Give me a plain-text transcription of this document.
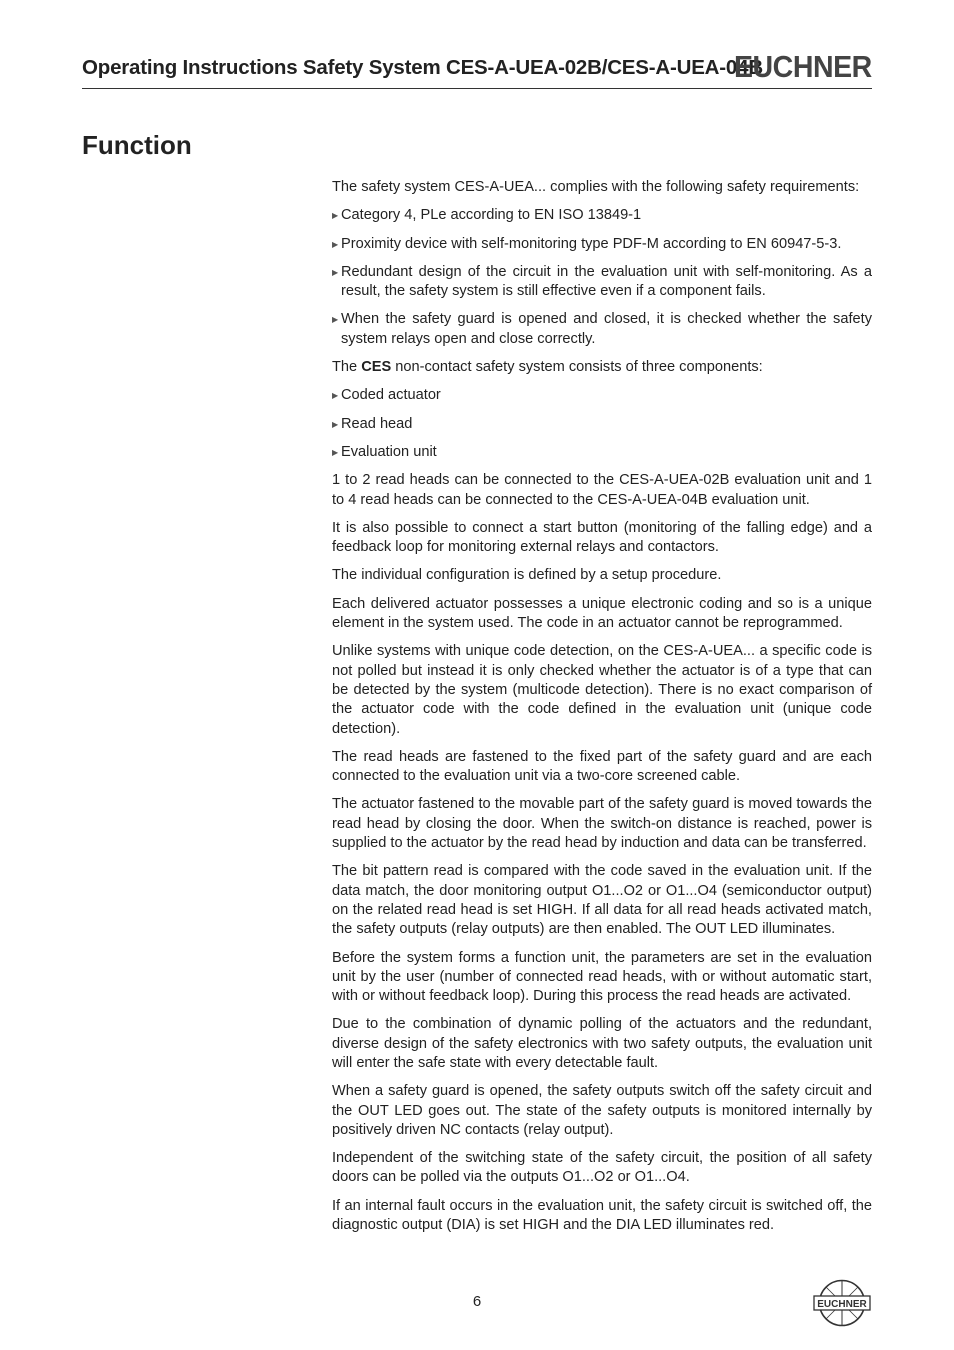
Operating Instructions Safety System CES-A-UEA-02B/CES-A-UEA-04B
EUCHNER
Function

The safety system CES-A-UEA... complies with the following safety requirements:

▶ Category 4, PLe according to EN ISO 13849-1
▶ Proximity device with self-monitoring type PDF-M according to EN 60947-5-3.
▶ Redundant design of the circuit in the evaluation unit with self-monitoring. As a result, the safety system is still effective even if a component fails.
▶ When the safety guard is opened and closed, it is checked whether the safety system relays open and close correctly.

The CES non-contact safety system consists of three components:

▶ Coded actuator
▶ Read head
▶ Evaluation unit

1 to 2 read heads can be connected to the CES-A-UEA-02B evaluation unit and 1 to 4 read heads can be connected to the CES-A-UEA-04B evaluation unit.

It is also possible to connect a start button (monitoring of the falling edge) and a feedback loop for monitoring external relays and contactors.

The individual configuration is defined by a setup procedure.

Each delivered actuator possesses a unique electronic coding and so is a unique element in the system used. The code in an actuator cannot be reprogrammed.

Unlike systems with unique code detection, on the CES-A-UEA... a specific code is not polled but instead it is only checked whether the actuator is of a type that can be detected by the system (multicode detection). There is no exact comparison of the actuator code with the code defined in the evaluation unit (unique code detection).

The read heads are fastened to the fixed part of the safety guard and are each connected to the evaluation unit via a two-core screened cable.

The actuator fastened to the movable part of the safety guard is moved towards the read head by closing the door. When the switch-on distance is reached, power is supplied to the actuator by the read head by induction and data can be transferred.

The bit pattern read is compared with the code saved in the evaluation unit. If the data match, the door monitoring output O1...O2 or O1...O4 (semiconductor output) on the related read head is set HIGH. If all data for all read heads activated match, the safety outputs (relay outputs) are then enabled. The OUT LED illuminates.

Before the system forms a function unit, the parameters are set in the evaluation unit by the user (number of connected read heads, with or without automatic start, with or without feedback loop). During this process the read heads are activated.

Due to the combination of dynamic polling of the actuators and the redundant, diverse design of the safety electronics with two safety outputs, the evaluation unit will enter the safe state with every detectable fault.

When a safety guard is opened, the safety outputs switch off the safety circuit and the OUT LED goes out. The state of the safety outputs is monitored internally by positively driven NC contacts (relay output).

Independent of the switching state of the safety circuit, the position of all safety doors can be polled via the outputs O1...O2 or O1...O4.

If an internal fault occurs in the evaluation unit, the safety circuit is switched off, the diagnostic output (DIA) is set HIGH and the DIA LED illuminates red.

6	EUCHNER
